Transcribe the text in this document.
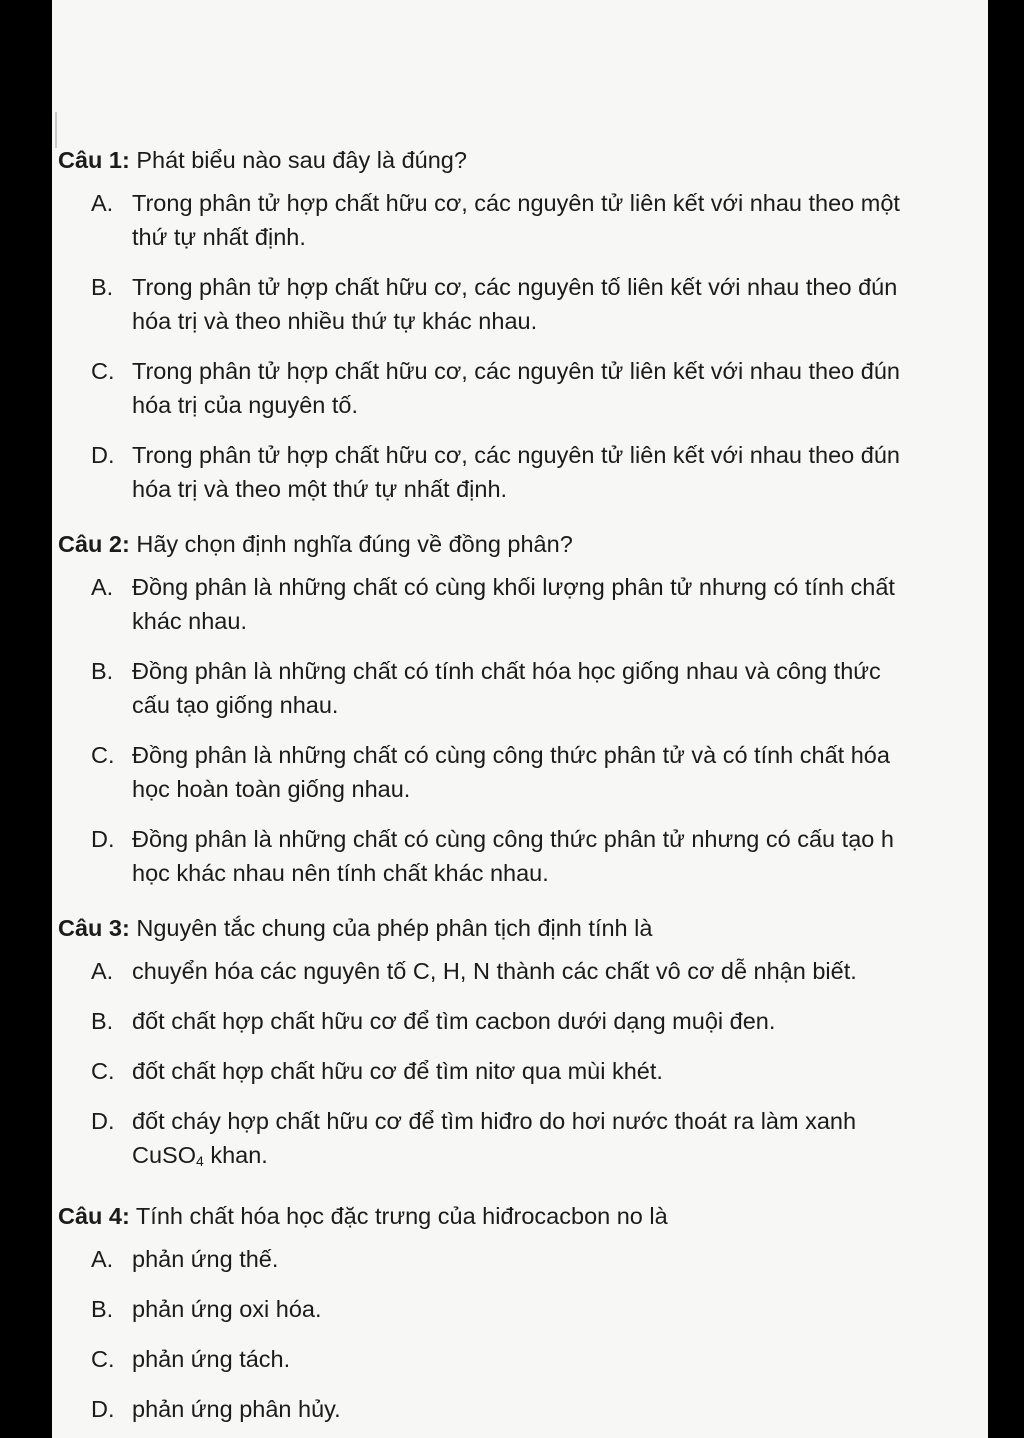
Câu 1: Phát biểu nào sau đây là đúng?
A. Trong phân tử hợp chất hữu cơ, các nguyên tử liên kết với nhau theo một
thứ tự nhất định.
B. Trong phân tử hợp chất hữu cơ, các nguyên tố liên kết với nhau theo đún
hóa trị và theo nhiều thứ tự khác nhau.
C. Trong phân tử hợp chất hữu cơ, các nguyên tử liên kết với nhau theo đún
hóa trị của nguyên tố.
D. Trong phân tử hợp chất hữu cơ, các nguyên tử liên kết với nhau theo đún
hóa trị và theo một thứ tự nhất định.
Câu 2: Hãy chọn định nghĩa đúng về đồng phân?
A. Đồng phân là những chất có cùng khối lượng phân tử nhưng có tính chất
khác nhau.
B. Đồng phân là những chất có tính chất hóa học giống nhau và công thức
cấu tạo giống nhau.
C. Đồng phân là những chất có cùng công thức phân tử và có tính chất hóa
học hoàn toàn giống nhau.
D. Đồng phân là những chất có cùng công thức phân tử nhưng có cấu tạo h
học khác nhau nên tính chất khác nhau.
Câu 3: Nguyên tắc chung của phép phân tịch định tính là
A. chuyển hóa các nguyên tố C, H, N thành các chất vô cơ dễ nhận biết.
B. đốt chất hợp chất hữu cơ để tìm cacbon dưới dạng muội đen.
C. đốt chất hợp chất hữu cơ để tìm nitơ qua mùi khét.
D. đốt cháy hợp chất hữu cơ để tìm hiđro do hơi nước thoát ra làm xanh
CuSO$_4$ khan.
Câu 4: Tính chất hóa học đặc trưng của hiđrocacbon no là
A. phản ứng thế.
B. phản ứng oxi hóa.
C. phản ứng tách.
D. phản ứng phân hủy.
